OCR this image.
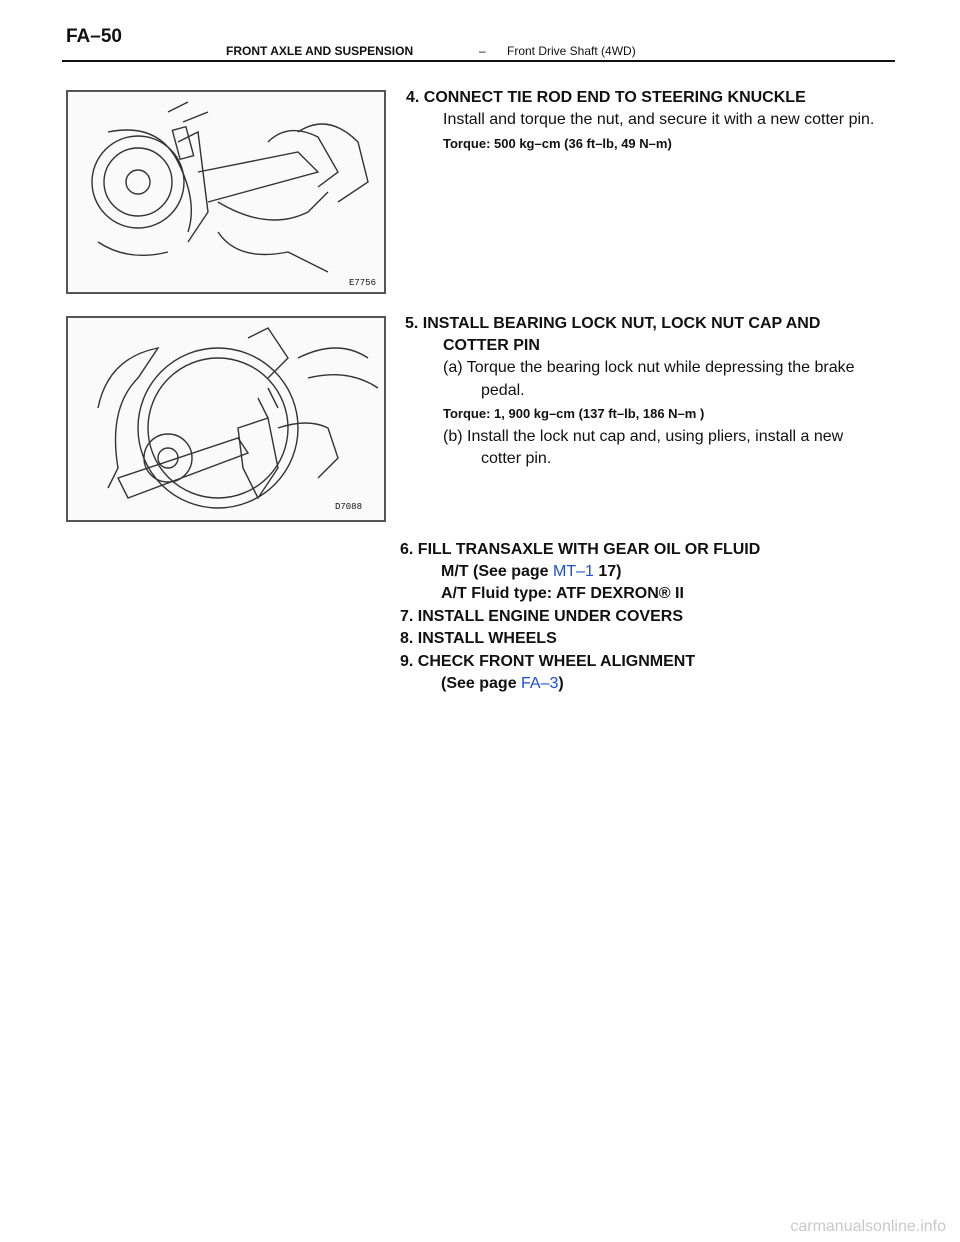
FA–50
FRONT AXLE AND SUSPENSION	– Front Drive Shaft (4WD)
E7756
D7088
4. CONNECT TIE ROD END TO STEERING KNUCKLE
Install and torque the nut, and secure it with a new cotter pin.
Torque: 500 kg–cm (36 ft–lb, 49 N–m)
5. INSTALL BEARING LOCK NUT, LOCK NUT CAP AND
COTTER PIN
(a) Torque the bearing lock nut while depressing the brake
pedal.
Torque: 1, 900 kg–cm (137 ft–lb, 186 N–m )
(b) Install the lock nut cap and, using pliers, install a new
cotter pin.
6. FILL TRANSAXLE WITH GEAR OIL OR FLUID
M/T (See page MT–1 17)
A/T Fluid type: ATF DEXRON® II
7. INSTALL ENGINE UNDER COVERS
8. INSTALL WHEELS
9. CHECK FRONT WHEEL ALIGNMENT
(See page FA–3)
carmanualsonline.info
